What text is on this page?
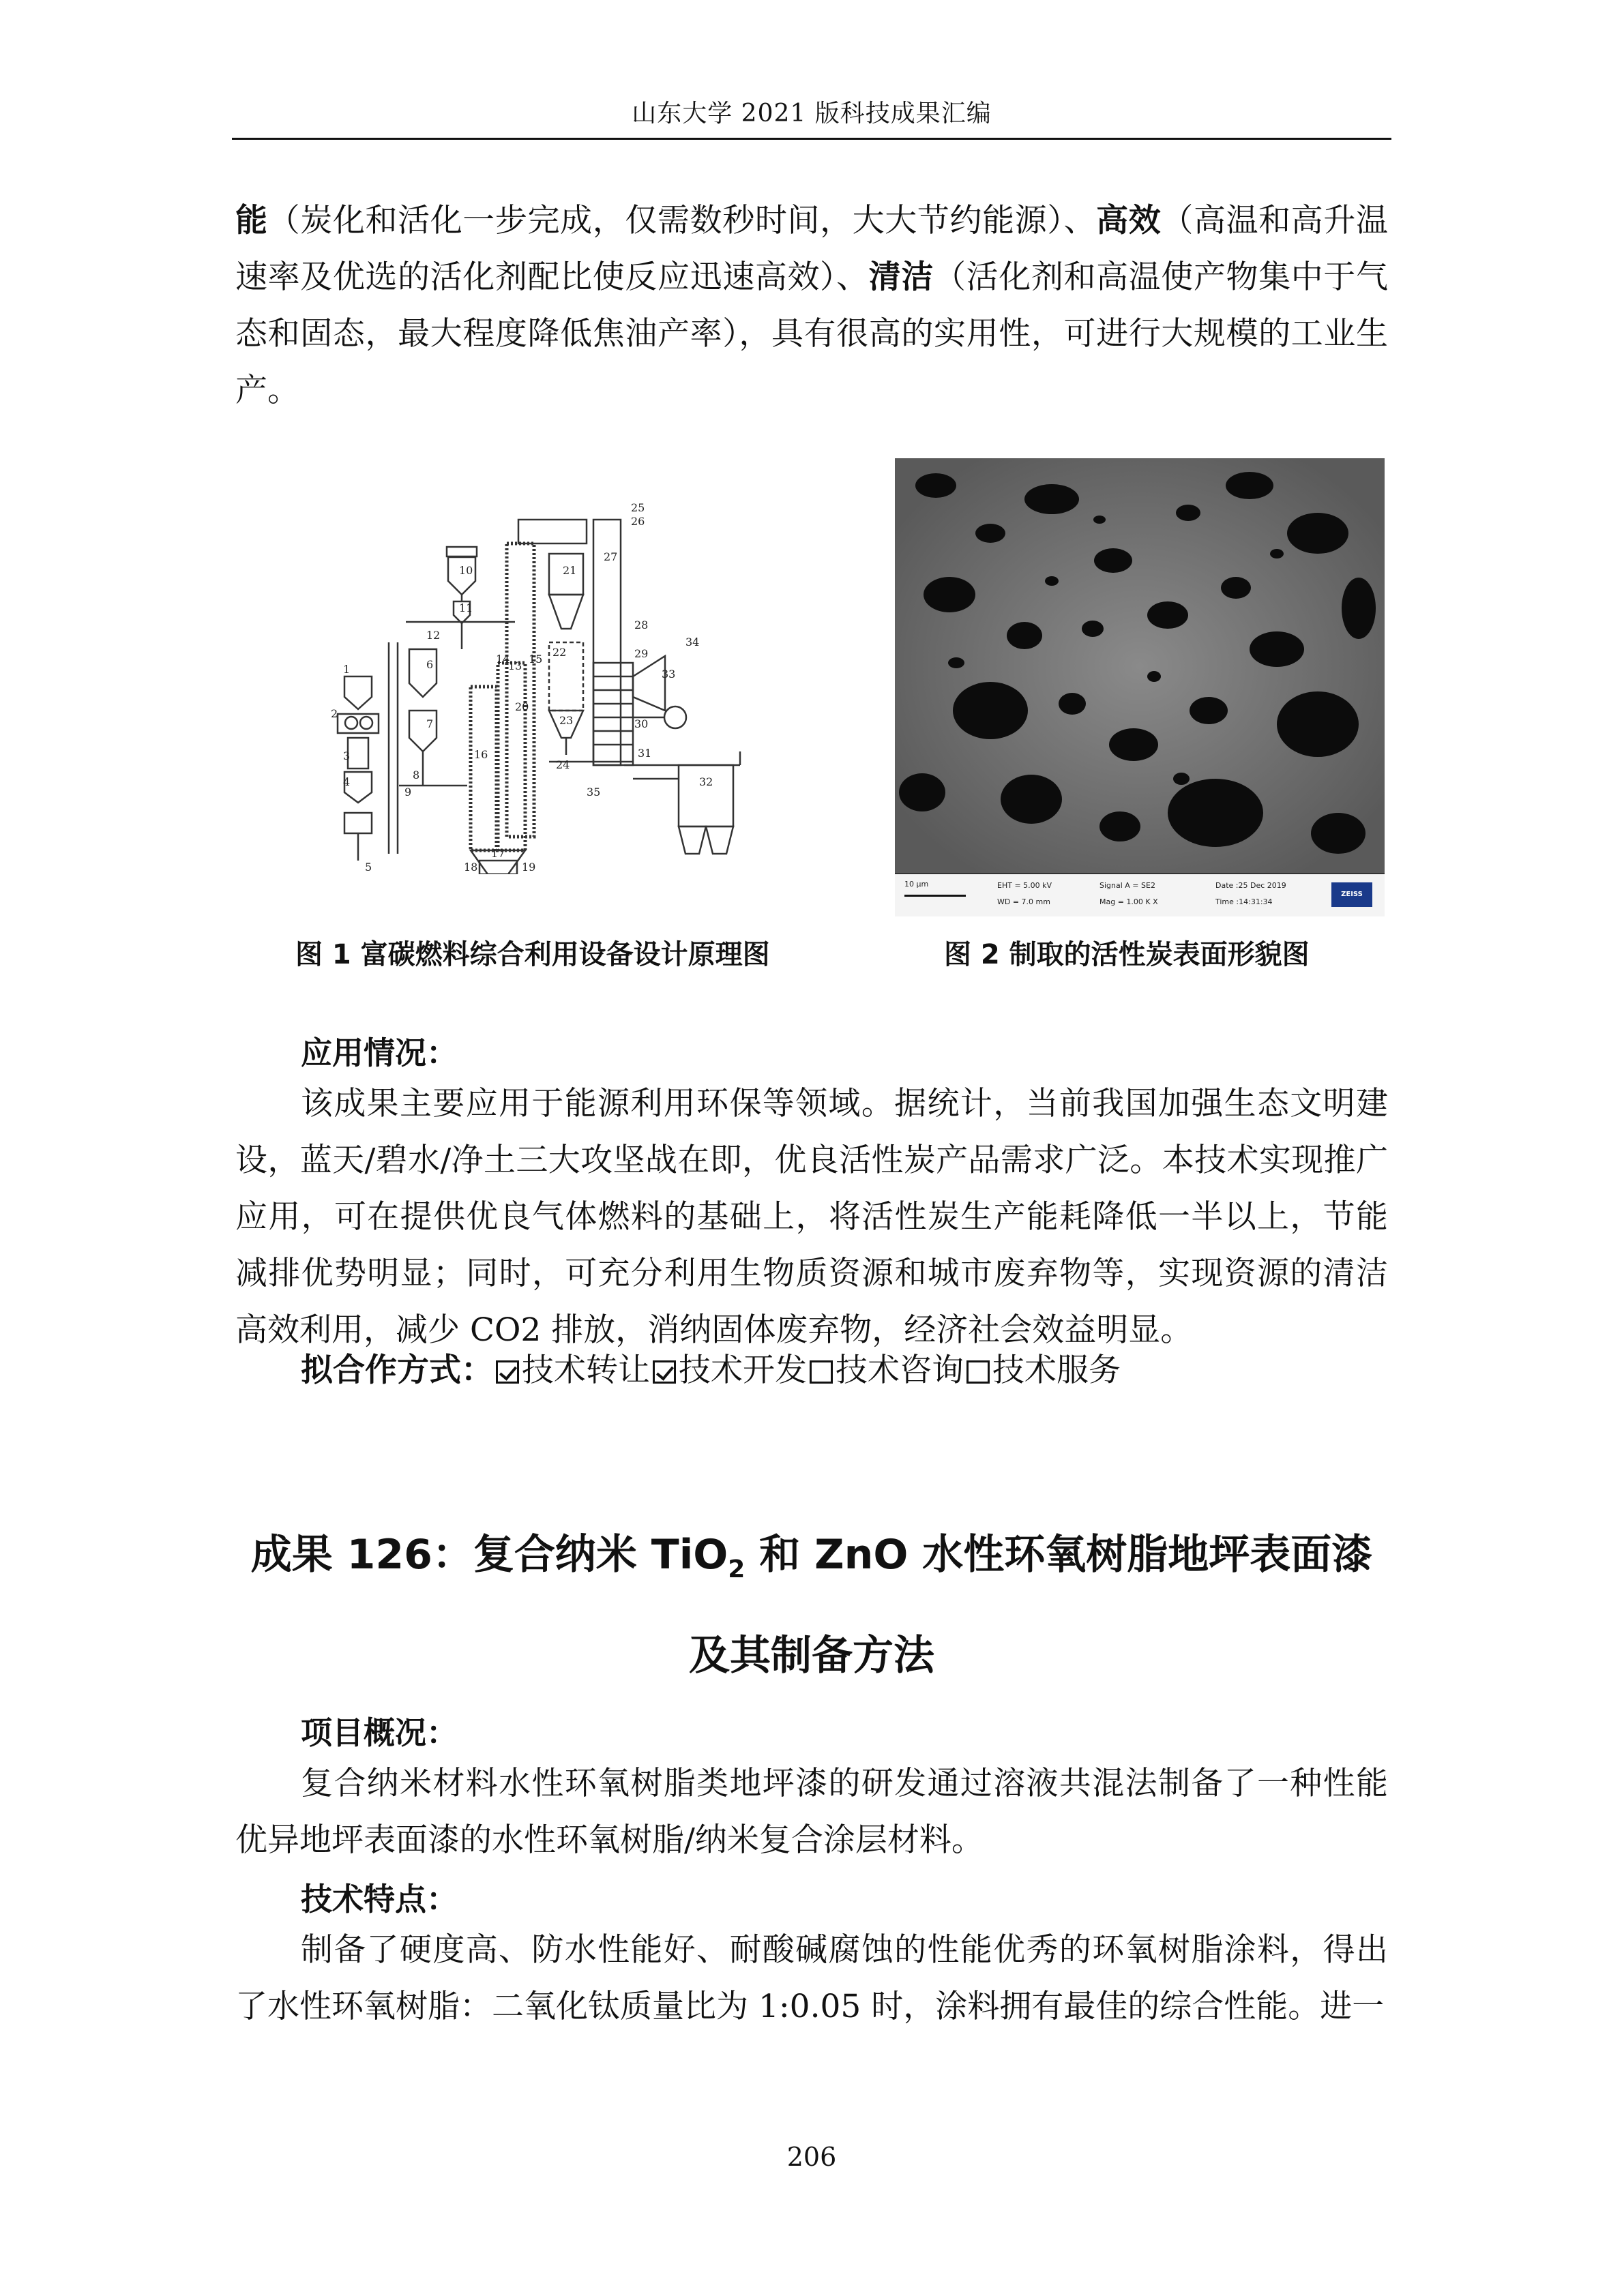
山东大学 2021 版科技成果汇编

能（炭化和活化一步完成，仅需数秒时间，大大节约能源）、高效（高温和高升温速率及优选的活化剂配比使反应迅速高效）、清洁（活化剂和高温使产物集中于气态和固态，最大程度降低焦油产率），具有很高的实用性，可进行大规模的工业生产。

1
2
3
4
5
6
7
8
9
10
11
12
13
14 15
16
17
18	19
20
21
22
23
24
25
26
27
28
29
30
31
32
33
34
35
10 μm	EHT = 5.00 kV
WD = 7.0 mm
Signal A = SE2
Mag = 1.00 K X
Date :25 Dec 2019
Time :14:31:34
ZEISS
图 1 富碳燃料综合利用设备设计原理图	图 2 制取的活性炭表面形貌图
应用情况：

该成果主要应用于能源利用环保等领域。据统计，当前我国加强生态文明建设，蓝天/碧水/净土三大攻坚战在即，优良活性炭产品需求广泛。本技术实现推广应用，可在提供优良气体燃料的基础上，将活性炭生产能耗降低一半以上，节能减排优势明显；同时，可充分利用生物质资源和城市废弃物等，实现资源的清洁高效利用，减少 CO2 排放，消纳固体废弃物，经济社会效益明显。

拟合作方式： 技术转让 技术开发 技术咨询 技术服务
成果 126：复合纳米 TiO$_2$ 和 ZnO 水性环氧树脂地坪表面漆
及其制备方法
项目概况：

复合纳米材料水性环氧树脂类地坪漆的研发通过溶液共混法制备了一种性能优异地坪表面漆的水性环氧树脂/纳米复合涂层材料。

技术特点：

制备了硬度高、防水性能好、耐酸碱腐蚀的性能优秀的环氧树脂涂料，得出了水性环氧树脂：二氧化钛质量比为 1:0.05 时，涂料拥有最佳的综合性能。进一

206
